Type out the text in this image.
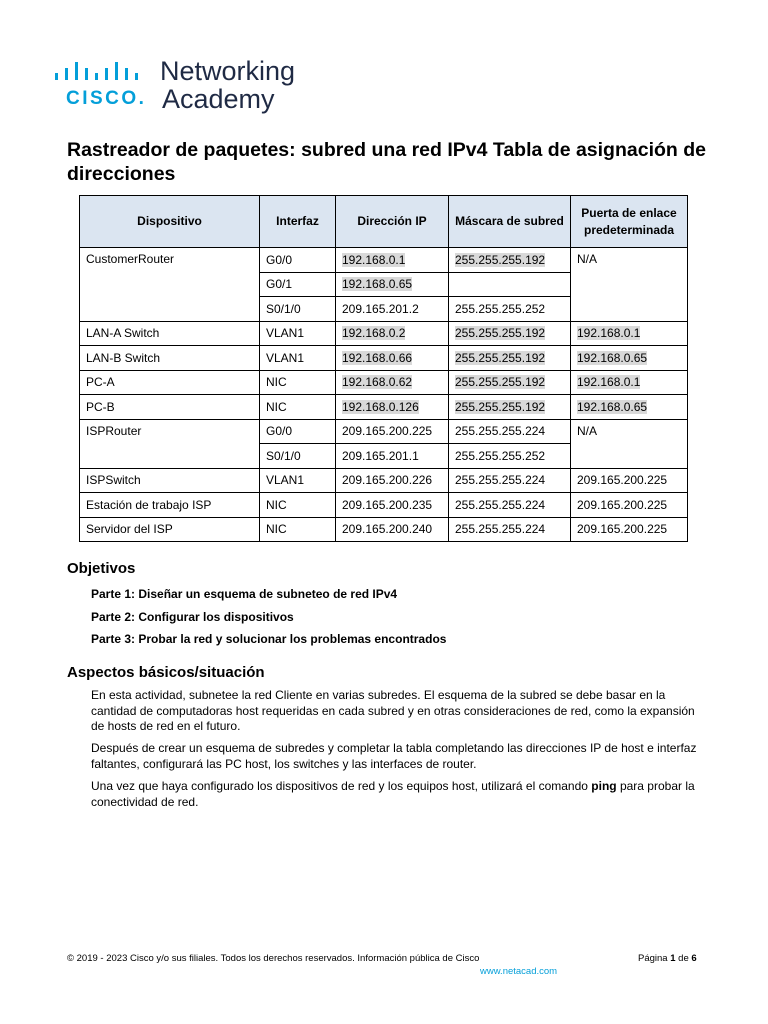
Networking
CISCO. Academy
Rastreador de paquetes: subred una red IPv4 Tabla de asignación de direcciones
Dispositivo	Interfaz	Dirección IP	Máscara de subred	Puerta de enlace predeterminada
CustomerRouter	G0/0	192.168.0.1	255.255.255.192	N/A
	G0/1	192.168.0.65		
	S0/1/0	209.165.201.2	255.255.255.252	
LAN-A Switch	VLAN1	192.168.0.2	255.255.255.192	192.168.0.1
LAN-B Switch	VLAN1	192.168.0.66	255.255.255.192	192.168.0.65
PC-A	NIC	192.168.0.62	255.255.255.192	192.168.0.1
PC-B	NIC	192.168.0.126	255.255.255.192	192.168.0.65
ISPRouter	G0/0	209.165.200.225	255.255.255.224	N/A
	S0/1/0	209.165.201.1	255.255.255.252	
ISPSwitch	VLAN1	209.165.200.226	255.255.255.224	209.165.200.225
Estación de trabajo ISP	NIC	209.165.200.235	255.255.255.224	209.165.200.225
Servidor del ISP	NIC	209.165.200.240	255.255.255.224	209.165.200.225
Objetivos
Parte 1: Diseñar un esquema de subneteo de red IPv4
Parte 2: Configurar los dispositivos
Parte 3: Probar la red y solucionar los problemas encontrados
Aspectos básicos/situación

En esta actividad, subnetee la red Cliente en varias subredes. El esquema de la subred se debe basar en la cantidad de computadoras host requeridas en cada subred y en otras consideraciones de red, como la expansión de hosts de red en el futuro.

Después de crear un esquema de subredes y completar la tabla completando las direcciones IP de host e interfaz faltantes, configurará las PC host, los switches y las interfaces de router.

Una vez que haya configurado los dispositivos de red y los equipos host, utilizará el comando ping para probar la conectividad de red.

© 2019 - 2023 Cisco y/o sus filiales. Todos los derechos reservados. Información pública de Cisco	Página 1 de 6
www.netacad.com
